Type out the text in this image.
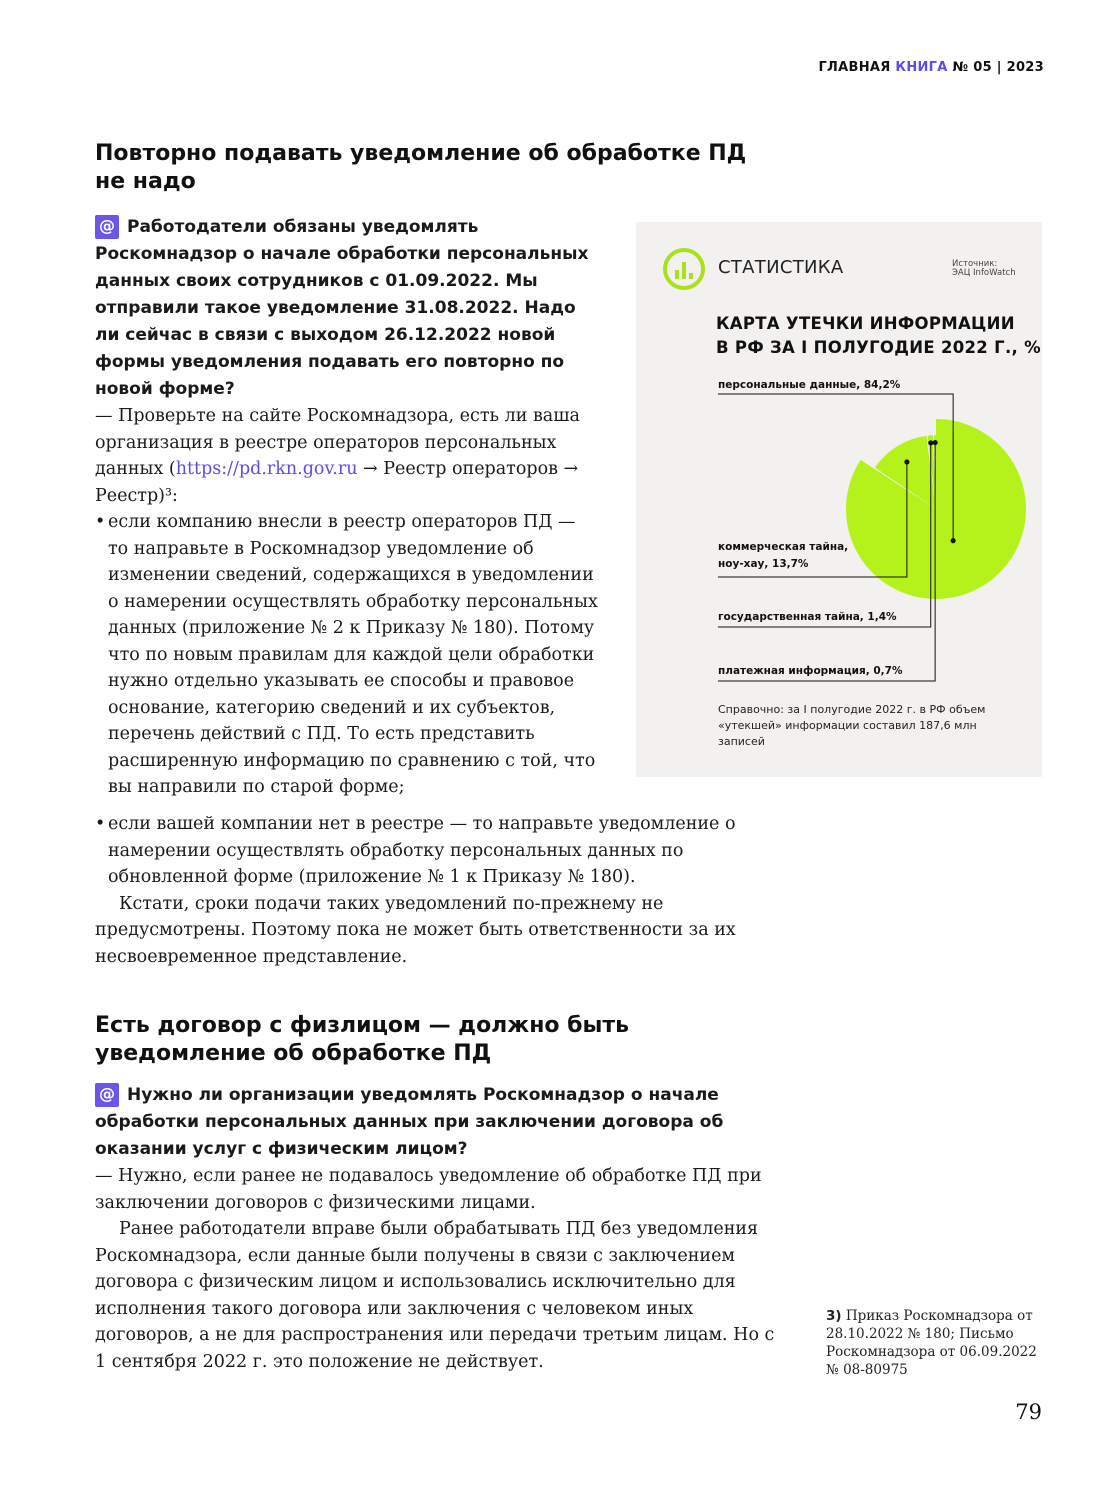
ГЛАВНАЯ КНИГА № 05 | 2023
Повторно подавать уведомление об обработке ПД
не надо

@ Работодатели обязаны уведомлять Роскомнадзор о начале обработки персональных данных своих сотрудников с 01.09.2022. Мы отправили такое уведомление 31.08.2022. Надо ли сейчас в связи с выходом 26.12.2022 новой формы уведомления подавать его повторно по новой форме?

— Проверьте на сайте Роскомнадзора, есть ли ваша организация в реестре операторов персональных данных (https://pd.rkn.gov.ru → Реестр операторов → Реестр)³:

• если компанию внесли в реестр операторов ПД — то направьте в Роскомнадзор уведомление об изменении сведений, содержащихся в уведомлении о намерении осуществлять обработку персональных данных (приложение № 2 к Приказу № 180). Потому что по новым правилам для каждой цели обработки нужно отдельно указывать ее способы и правовое основание, категорию сведений и их субъектов, перечень действий с ПД. То есть представить расширенную информацию по сравнению с той, что вы направили по старой форме;

• если вашей компании нет в реестре — то направьте уведомление о намерении осуществлять обработку персональных данных по обновленной форме (приложение № 1 к Приказу № 180).

Кстати, сроки подачи таких уведомлений по-прежнему не предусмотрены. Поэтому пока не может быть ответственности за их несвоевременное представление.

СТАТИСТИКА	Источник:
ЭАЦ InfoWatch
КАРТА УТЕЧКИ ИНФОРМАЦИИ
В РФ ЗА I ПОЛУГОДИЕ 2022 Г., %
персональные данные, 84,2%
коммерческая тайна,
ноу-хау, 13,7%
государственная тайна, 1,4%
платежная информация, 0,7%
Справочно: за I полугодие 2022 г. в РФ объем «утекшей» информации составил 187,6 млн записей
Есть договор с физлицом — должно быть
уведомление об обработке ПД

@ Нужно ли организации уведомлять Роскомнадзор о начале обработки персональных данных при заключении договора об оказании услуг с физическим лицом?

— Нужно, если ранее не подавалось уведомление об обработке ПД при заключении договоров с физическими лицами.

Ранее работодатели вправе были обрабатывать ПД без уведомления Роскомнадзора, если данные были получены в связи с заключением договора с физическим лицом и использовались исключительно для исполнения такого договора или заключения с человеком иных договоров, а не для распространения или передачи третьим лицам. Но с 1 сентября 2022 г. это положение не действует.

3) Приказ Роскомнадзора от 28.10.2022 № 180; Письмо Роскомнадзора от 06.09.2022 № 08-80975
79
